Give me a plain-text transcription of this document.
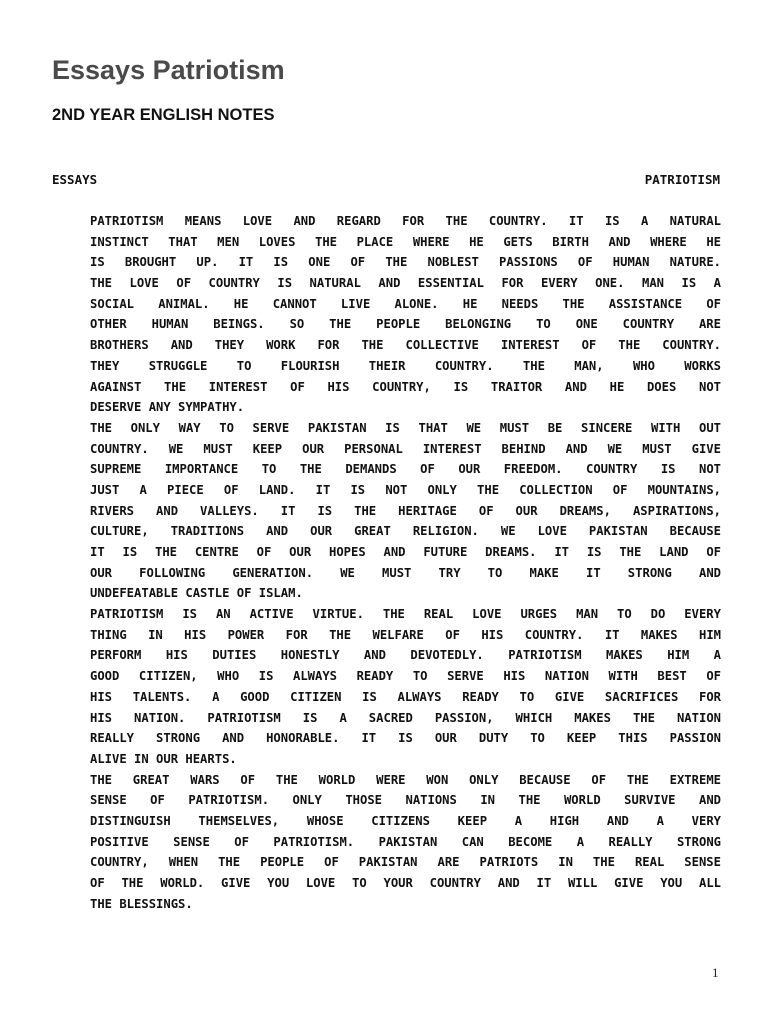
Essays Patriotism
2ND YEAR ENGLISH NOTES
ESSAYS	PATRIOTISM
PATRIOTISM MEANS LOVE AND REGARD FOR THE COUNTRY. IT IS A NATURAL
INSTINCT THAT MEN LOVES THE PLACE WHERE HE GETS BIRTH AND WHERE HE
IS BROUGHT UP. IT IS ONE OF THE NOBLEST PASSIONS OF HUMAN NATURE.
THE LOVE OF COUNTRY IS NATURAL AND ESSENTIAL FOR EVERY ONE. MAN IS A
SOCIAL ANIMAL. HE CANNOT LIVE ALONE. HE NEEDS THE ASSISTANCE OF
OTHER HUMAN BEINGS. SO THE PEOPLE BELONGING TO ONE COUNTRY ARE
BROTHERS AND THEY WORK FOR THE COLLECTIVE INTEREST OF THE COUNTRY.
THEY STRUGGLE TO FLOURISH THEIR COUNTRY. THE MAN, WHO WORKS
AGAINST THE INTEREST OF HIS COUNTRY, IS TRAITOR AND HE DOES NOT
DESERVE ANY SYMPATHY.
THE ONLY WAY TO SERVE PAKISTAN IS THAT WE MUST BE SINCERE WITH OUT
COUNTRY. WE MUST KEEP OUR PERSONAL INTEREST BEHIND AND WE MUST GIVE
SUPREME IMPORTANCE TO THE DEMANDS OF OUR FREEDOM. COUNTRY IS NOT
JUST A PIECE OF LAND. IT IS NOT ONLY THE COLLECTION OF MOUNTAINS,
RIVERS AND VALLEYS. IT IS THE HERITAGE OF OUR DREAMS, ASPIRATIONS,
CULTURE, TRADITIONS AND OUR GREAT RELIGION. WE LOVE PAKISTAN BECAUSE
IT IS THE CENTRE OF OUR HOPES AND FUTURE DREAMS. IT IS THE LAND OF
OUR FOLLOWING GENERATION. WE MUST TRY TO MAKE IT STRONG AND
UNDEFEATABLE CASTLE OF ISLAM.
PATRIOTISM IS AN ACTIVE VIRTUE. THE REAL LOVE URGES MAN TO DO EVERY
THING IN HIS POWER FOR THE WELFARE OF HIS COUNTRY. IT MAKES HIM
PERFORM HIS DUTIES HONESTLY AND DEVOTEDLY. PATRIOTISM MAKES HIM A
GOOD CITIZEN, WHO IS ALWAYS READY TO SERVE HIS NATION WITH BEST OF
HIS TALENTS. A GOOD CITIZEN IS ALWAYS READY TO GIVE SACRIFICES FOR
HIS NATION. PATRIOTISM IS A SACRED PASSION, WHICH MAKES THE NATION
REALLY STRONG AND HONORABLE. IT IS OUR DUTY TO KEEP THIS PASSION
ALIVE IN OUR HEARTS.
THE GREAT WARS OF THE WORLD WERE WON ONLY BECAUSE OF THE EXTREME
SENSE OF PATRIOTISM. ONLY THOSE NATIONS IN THE WORLD SURVIVE AND
DISTINGUISH THEMSELVES, WHOSE CITIZENS KEEP A HIGH AND A VERY
POSITIVE SENSE OF PATRIOTISM. PAKISTAN CAN BECOME A REALLY STRONG
COUNTRY, WHEN THE PEOPLE OF PAKISTAN ARE PATRIOTS IN THE REAL SENSE
OF THE WORLD. GIVE YOU LOVE TO YOUR COUNTRY AND IT WILL GIVE YOU ALL
THE BLESSINGS.
1
